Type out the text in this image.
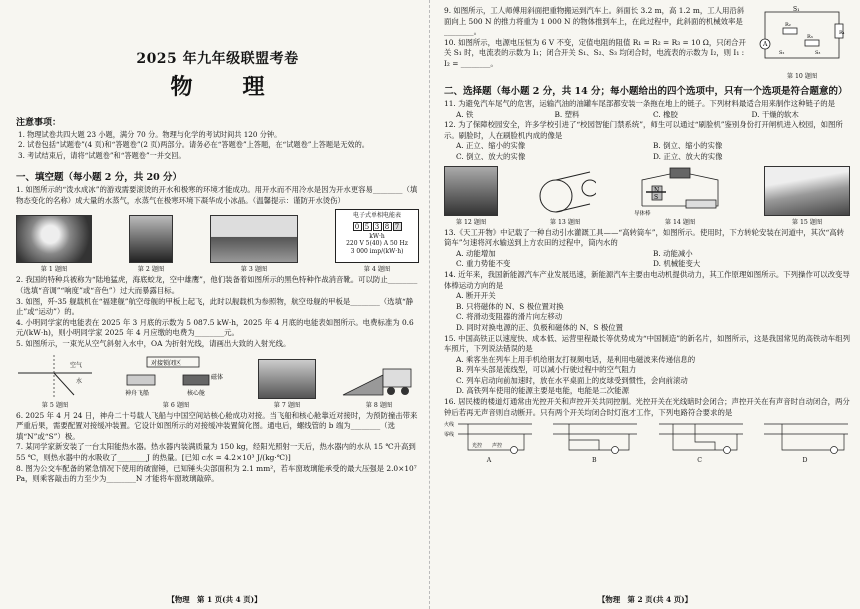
2025 年九年级联盟考卷
物　理
注意事项：
1. 物理试卷共四大题 23 小题，满分 70 分。物理与化学的考试时间共 120 分钟。
2. 试卷包括“试题卷”(4 页)和“答题卷”(2 页)两部分。请务必在“答题卷”上答题，在“试题卷”上答题是无效的。
3. 考试结束后，请将“试题卷”和“答题卷”一并交回。
一、填空题（每小题 2 分，共 20 分）
1. 如图所示的“泼水成冰”的游戏需要滚烫的开水和极寒的环境才能成功。用开水而不用冷水是因为开水更容易________（填物态变化的名称）成大量的水蒸气，水蒸气在极寒环境下凝华成小冰晶。（温馨提示：谨防开水烫伤）
第 1 题图	第 2 题图	第 3 题图
电子式单相电能表
0 5 3 8 7
kW·h
220 V 5(40) A 50 Hz
3 000 imp/(kW·h)
第 4 题图
2. 我国的特种兵被称为“陆地猛虎，海底蛟龙，空中雄鹰”，他们装备着如图所示的黑色特种作战消音靴。可以防止________（选填“音调”“响度”或“音色”）过大而暴露目标。
3. 如图，歼-35 舰载机在“福建舰”航空母舰的甲板上起飞，此时以舰载机为参照物，航空母舰的甲板是________（选填“静止”或“运动”）的。
4. 小明同学家的电能表在 2025 年 3 月底的示数为 5 087.5 kW·h，2025 年 4 月底的电能表如图所示。电费标准为 0.6 元/(kW·h)，则小明同学家 2025 年 4 月应缴的电费为________元。
5. 如图所示，一束光从空气斜射入水中，OA 为折射光线，请画出大致的入射光线。
空气
水
第 5 题图
对接锁闭区
磁体
神舟飞船	核心舱
第 6 题图	第 7 题图	第 8 题图
6. 2025 年 4 月 24 日，神舟二十号载人飞船与中国空间站核心舱成功对接。当飞船和核心舱靠近对接时，为预防撞击带来严重后果，需要配置对接缓冲装置。它设计如图所示的对接缓冲装置简化图。通电后，螺线管的 b 端为________（选填“N”或“S”）极。
7. 某同学家新安装了一台太阳能热水器。热水器内装满质量为 150 kg，经阳光照射一天后，热水器内的水从 15 ℃升高到 55 ℃，则热水器中的水吸收了________J 的热量。[已知 c水 = 4.2×10³ J/(kg·℃)]
8. 图为公交车配备的紧急情况下使用的破窗锤，已知锤头尖部面积为 2.1 mm²，若车窗玻璃能承受的最大压强是 2.0×10⁷ Pa，则乘客敲击的力至少为________N 才能将车窗玻璃敲碎。
【物理　第 1 页(共 4 页)】
9. 如图所示，工人师傅用斜面把重物搬运到汽车上。斜面长 3.2 m，高 1.2 m，工人用沿斜面向上 500 N 的推力将重为 1 000 N 的物体推到车上，在此过程中，此斜面的机械效率是________。
10. 如图所示，电源电压恒为 6 V 不变，定值电阻的阻值 R₁ = R₂ = R₃ = 10 Ω，只闭合开关 S₁ 时，电流表的示数为 I₁；闭合开关 S₁、S₂、S₃ 均闭合时，电流表的示数为 I₂，则 I₁ : I₂ = ________。
S₁
R₁
R₂
R₃
S₂	S₃
A
第 10 题图
二、选择题（每小题 2 分，共 14 分；每小题给出的四个选项中，只有一个选项是符合题意的）
11. 为避免汽车尾气的危害，运输汽油的油罐车尾部都安装一条拖在地上的链子。下列材料最适合用来制作这种链子的是
A. 铁	B. 塑料	C. 橡胶	D. 干燥的软木
12. 为了保障校园安全，许多学校引进了“校园智能门禁系统”，师生可以通过“刷脸机”鉴别身份打开闸机进入校园，如图所示。刷脸时，人在刷脸机内成的像是
A. 正立、缩小的实像	B. 倒立、缩小的实像
C. 倒立、放大的实像	D. 正立、放大的实像
第 12 题图	第 13 题图
N
S
导体棒
第 14 题图	第 15 题图
13.《天工开物》中记载了一种自动引水灌溉工具——“高转筒车”，如图所示。使用时，下方转轮安装在河道中，其次“高转筒车”匀速将河水输送到上方农田的过程中，筒内水的
A. 动能增加	B. 动能减小
C. 重力势能不变	D. 机械能变大
14. 近年来，我国新能源汽车产业发展迅速，新能源汽车主要由电动机提供动力，其工作原理如图所示。下列操作可以改变导体棒运动方向的是
A. 断开开关
B. 只将磁体的 N、S 极位置对换
C. 将滑动变阻器的滑片向左移动
D. 同时对换电源的正、负极和磁体的 N、S 极位置
15. 中国高铁正以速度快、成本低、运营里程最长等优势成为“中国制造”的新名片，如图所示，这是我国常见的高铁动车组列车照片，下列说法错误的是
A. 乘客坐在列车上用手机给朋友打视频电话，是利用电磁波来传递信息的
B. 列车头部是流线型，可以减小行驶过程中的空气阻力
C. 列车启动向前加速时，放在水平桌面上的皮球受到惯性，会向前滚动
D. 高铁列车使用的能源主要是电能，电能是二次能源
16. 居民楼的楼道灯通常由光控开关和声控开关共同控制。光控开关在光线暗时会闭合；声控开关在有声音时自动闭合，两分钟后若再无声音则自动断开。只有两个开关均闭合时灯泡才工作，下列电路符合要求的是
火线
零线
光控 声控
A	B	C	D
【物理　第 2 页(共 4 页)】
